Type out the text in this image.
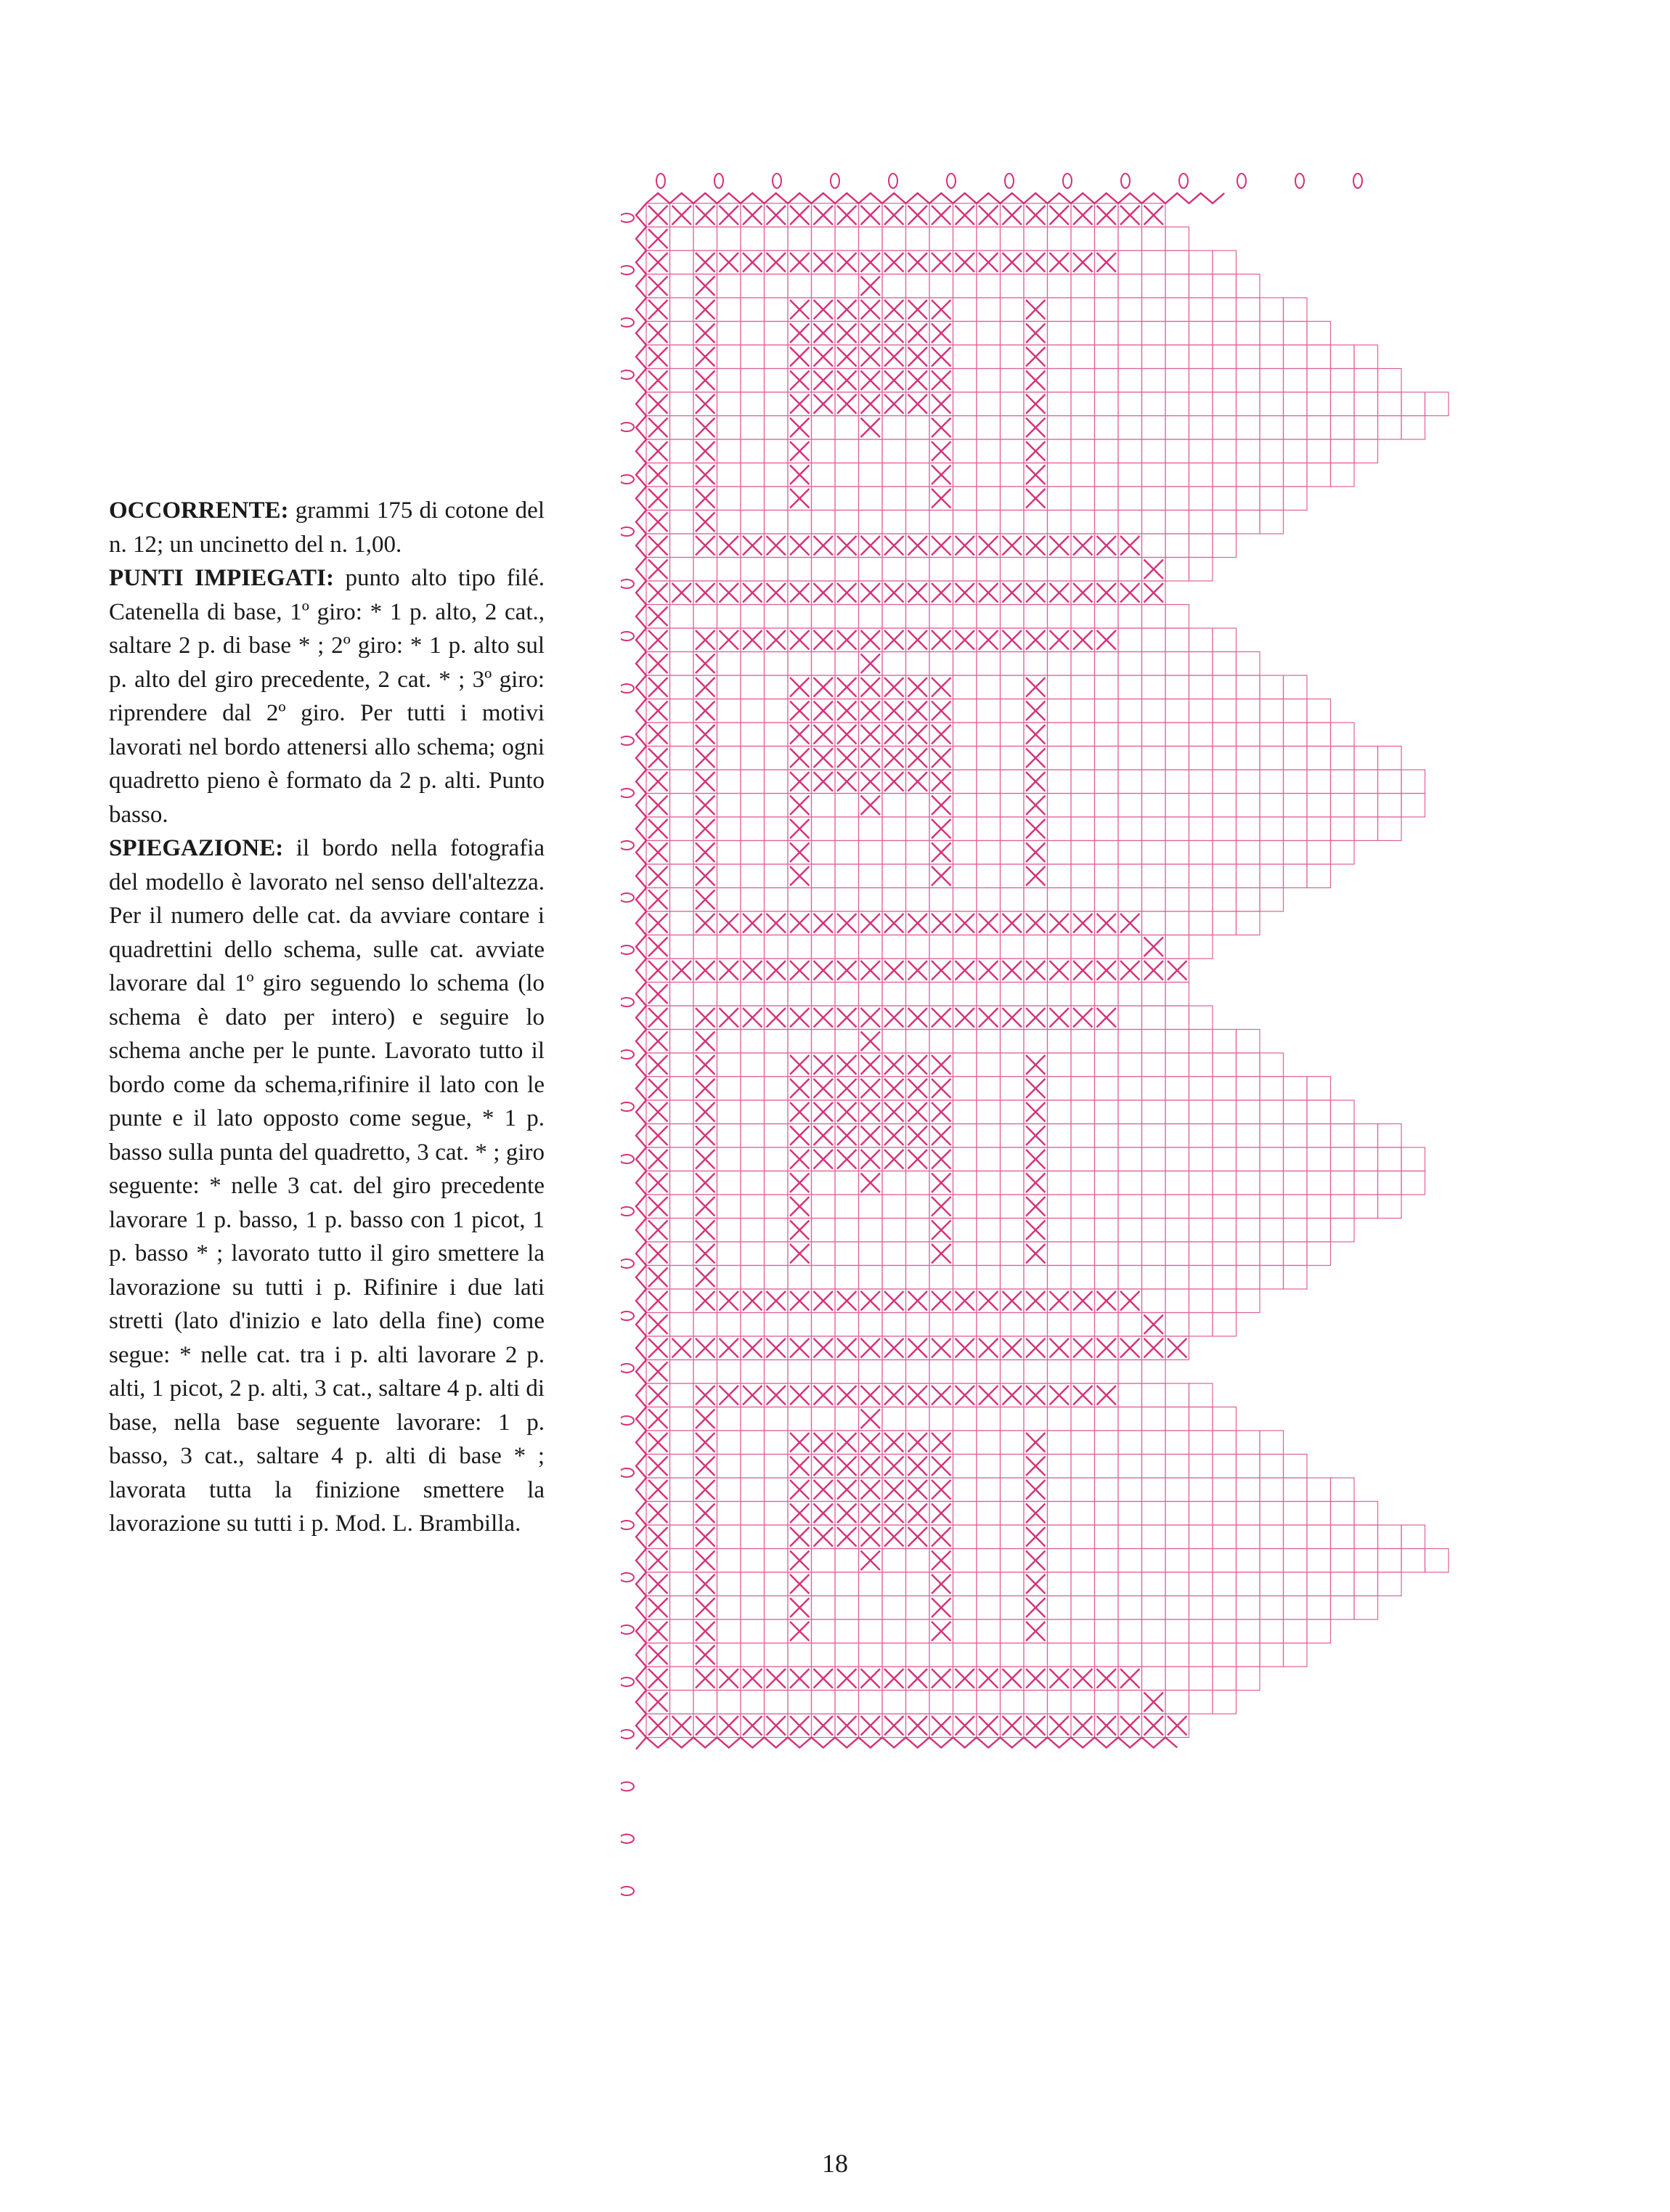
OCCORRENTE: grammi 175 di cotone del n. 12; un uncinetto del n. 1,00.

PUNTI IMPIEGATI: punto alto tipo filé. Catenella di base, 1º giro: * 1 p. alto, 2 cat., saltare 2 p. di base * ; 2º giro: * 1 p. alto sul p. alto del giro precedente, 2 cat. * ; 3º giro: riprendere dal 2º giro. Per tutti i motivi lavorati nel bordo attenersi allo schema; ogni quadretto pieno è formato da 2 p. alti. Punto basso.

SPIEGAZIONE: il bordo nella fotografia del modello è lavorato nel senso dell'altezza. Per il numero delle cat. da avviare contare i quadrettini dello schema, sulle cat. avviate lavorare dal 1º giro seguendo lo schema (lo schema è dato per intero) e seguire lo schema anche per le punte. Lavorato tutto il bordo come da schema,rifinire il lato con le punte e il lato opposto come segue, * 1 p. basso sulla punta del quadretto, 3 cat. * ; giro seguente: * nelle 3 cat. del giro precedente lavorare 1 p. basso, 1 p. basso con 1 picot, 1 p. basso * ; lavorato tutto il giro smettere la lavorazione su tutti i p. Rifinire i due lati stretti (lato d'inizio e lato della fine) come segue: * nelle cat. tra i p. alti lavorare 2 p. alti, 1 picot, 2 p. alti, 3 cat., saltare 4 p. alti di base, nella base seguente lavorare: 1 p. basso, 3 cat., saltare 4 p. alti di base * ; lavorata tutta la finizione smettere la lavorazione su tutti i p. Mod. L. Brambilla.

18
